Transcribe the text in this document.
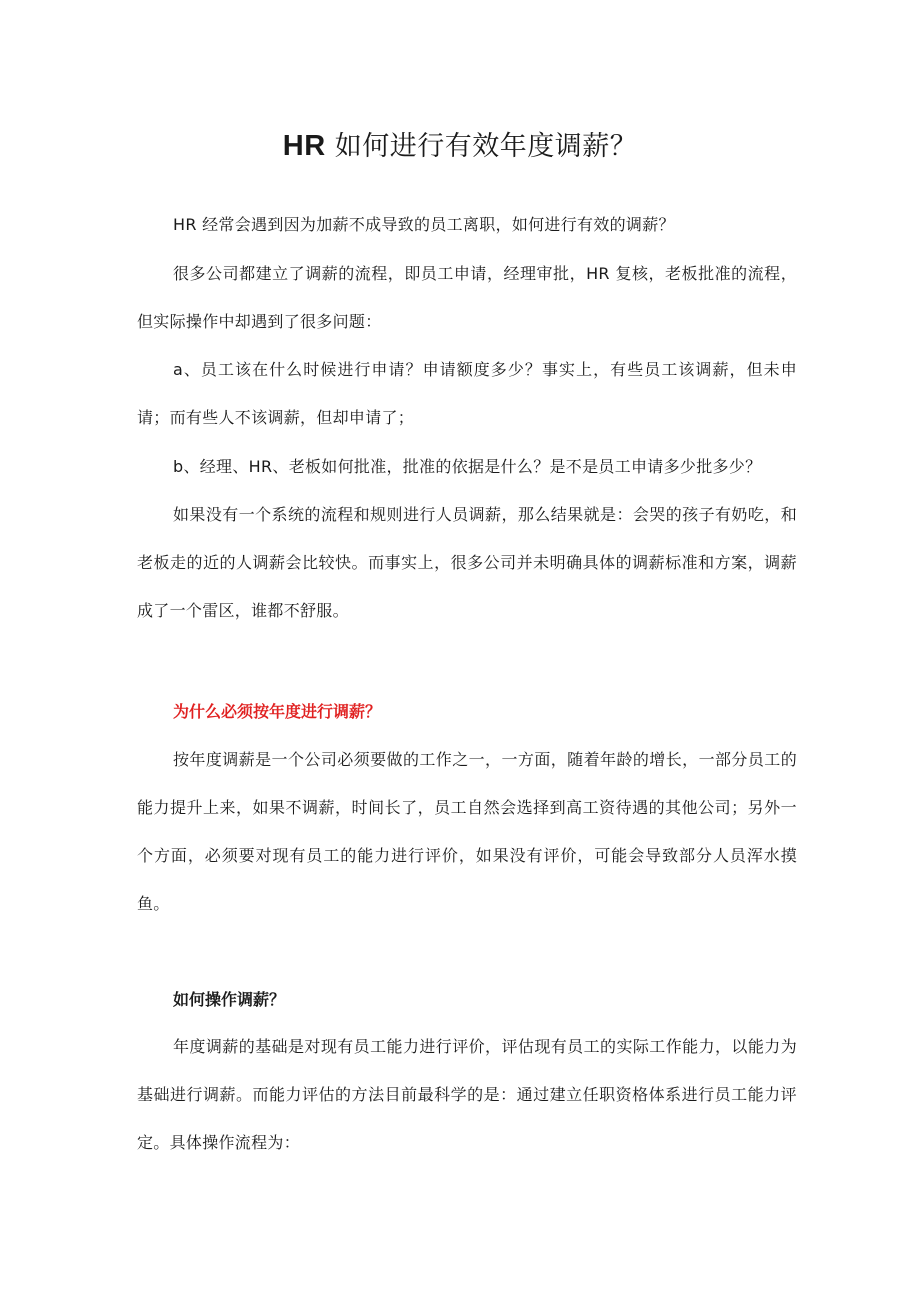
HR 如何进行有效年度调薪？

HR 经常会遇到因为加薪不成导致的员工离职，如何进行有效的调薪？

很多公司都建立了调薪的流程，即员工申请，经理审批，HR 复核，老板批准的流程，但实际操作中却遇到了很多问题：

a、员工该在什么时候进行申请？申请额度多少？事实上，有些员工该调薪，但未申请；而有些人不该调薪，但却申请了；

b、经理、HR、老板如何批准，批准的依据是什么？是不是员工申请多少批多少？

如果没有一个系统的流程和规则进行人员调薪，那么结果就是：会哭的孩子有奶吃，和老板走的近的人调薪会比较快。而事实上，很多公司并未明确具体的调薪标准和方案，调薪成了一个雷区，谁都不舒服。

为什么必须按年度进行调薪？

按年度调薪是一个公司必须要做的工作之一，一方面，随着年龄的增长，一部分员工的能力提升上来，如果不调薪，时间长了，员工自然会选择到高工资待遇的其他公司；另外一个方面，必须要对现有员工的能力进行评价，如果没有评价，可能会导致部分人员浑水摸鱼。

如何操作调薪？

年度调薪的基础是对现有员工能力进行评价，评估现有员工的实际工作能力，以能力为基础进行调薪。而能力评估的方法目前最科学的是：通过建立任职资格体系进行员工能力评定。具体操作流程为：
